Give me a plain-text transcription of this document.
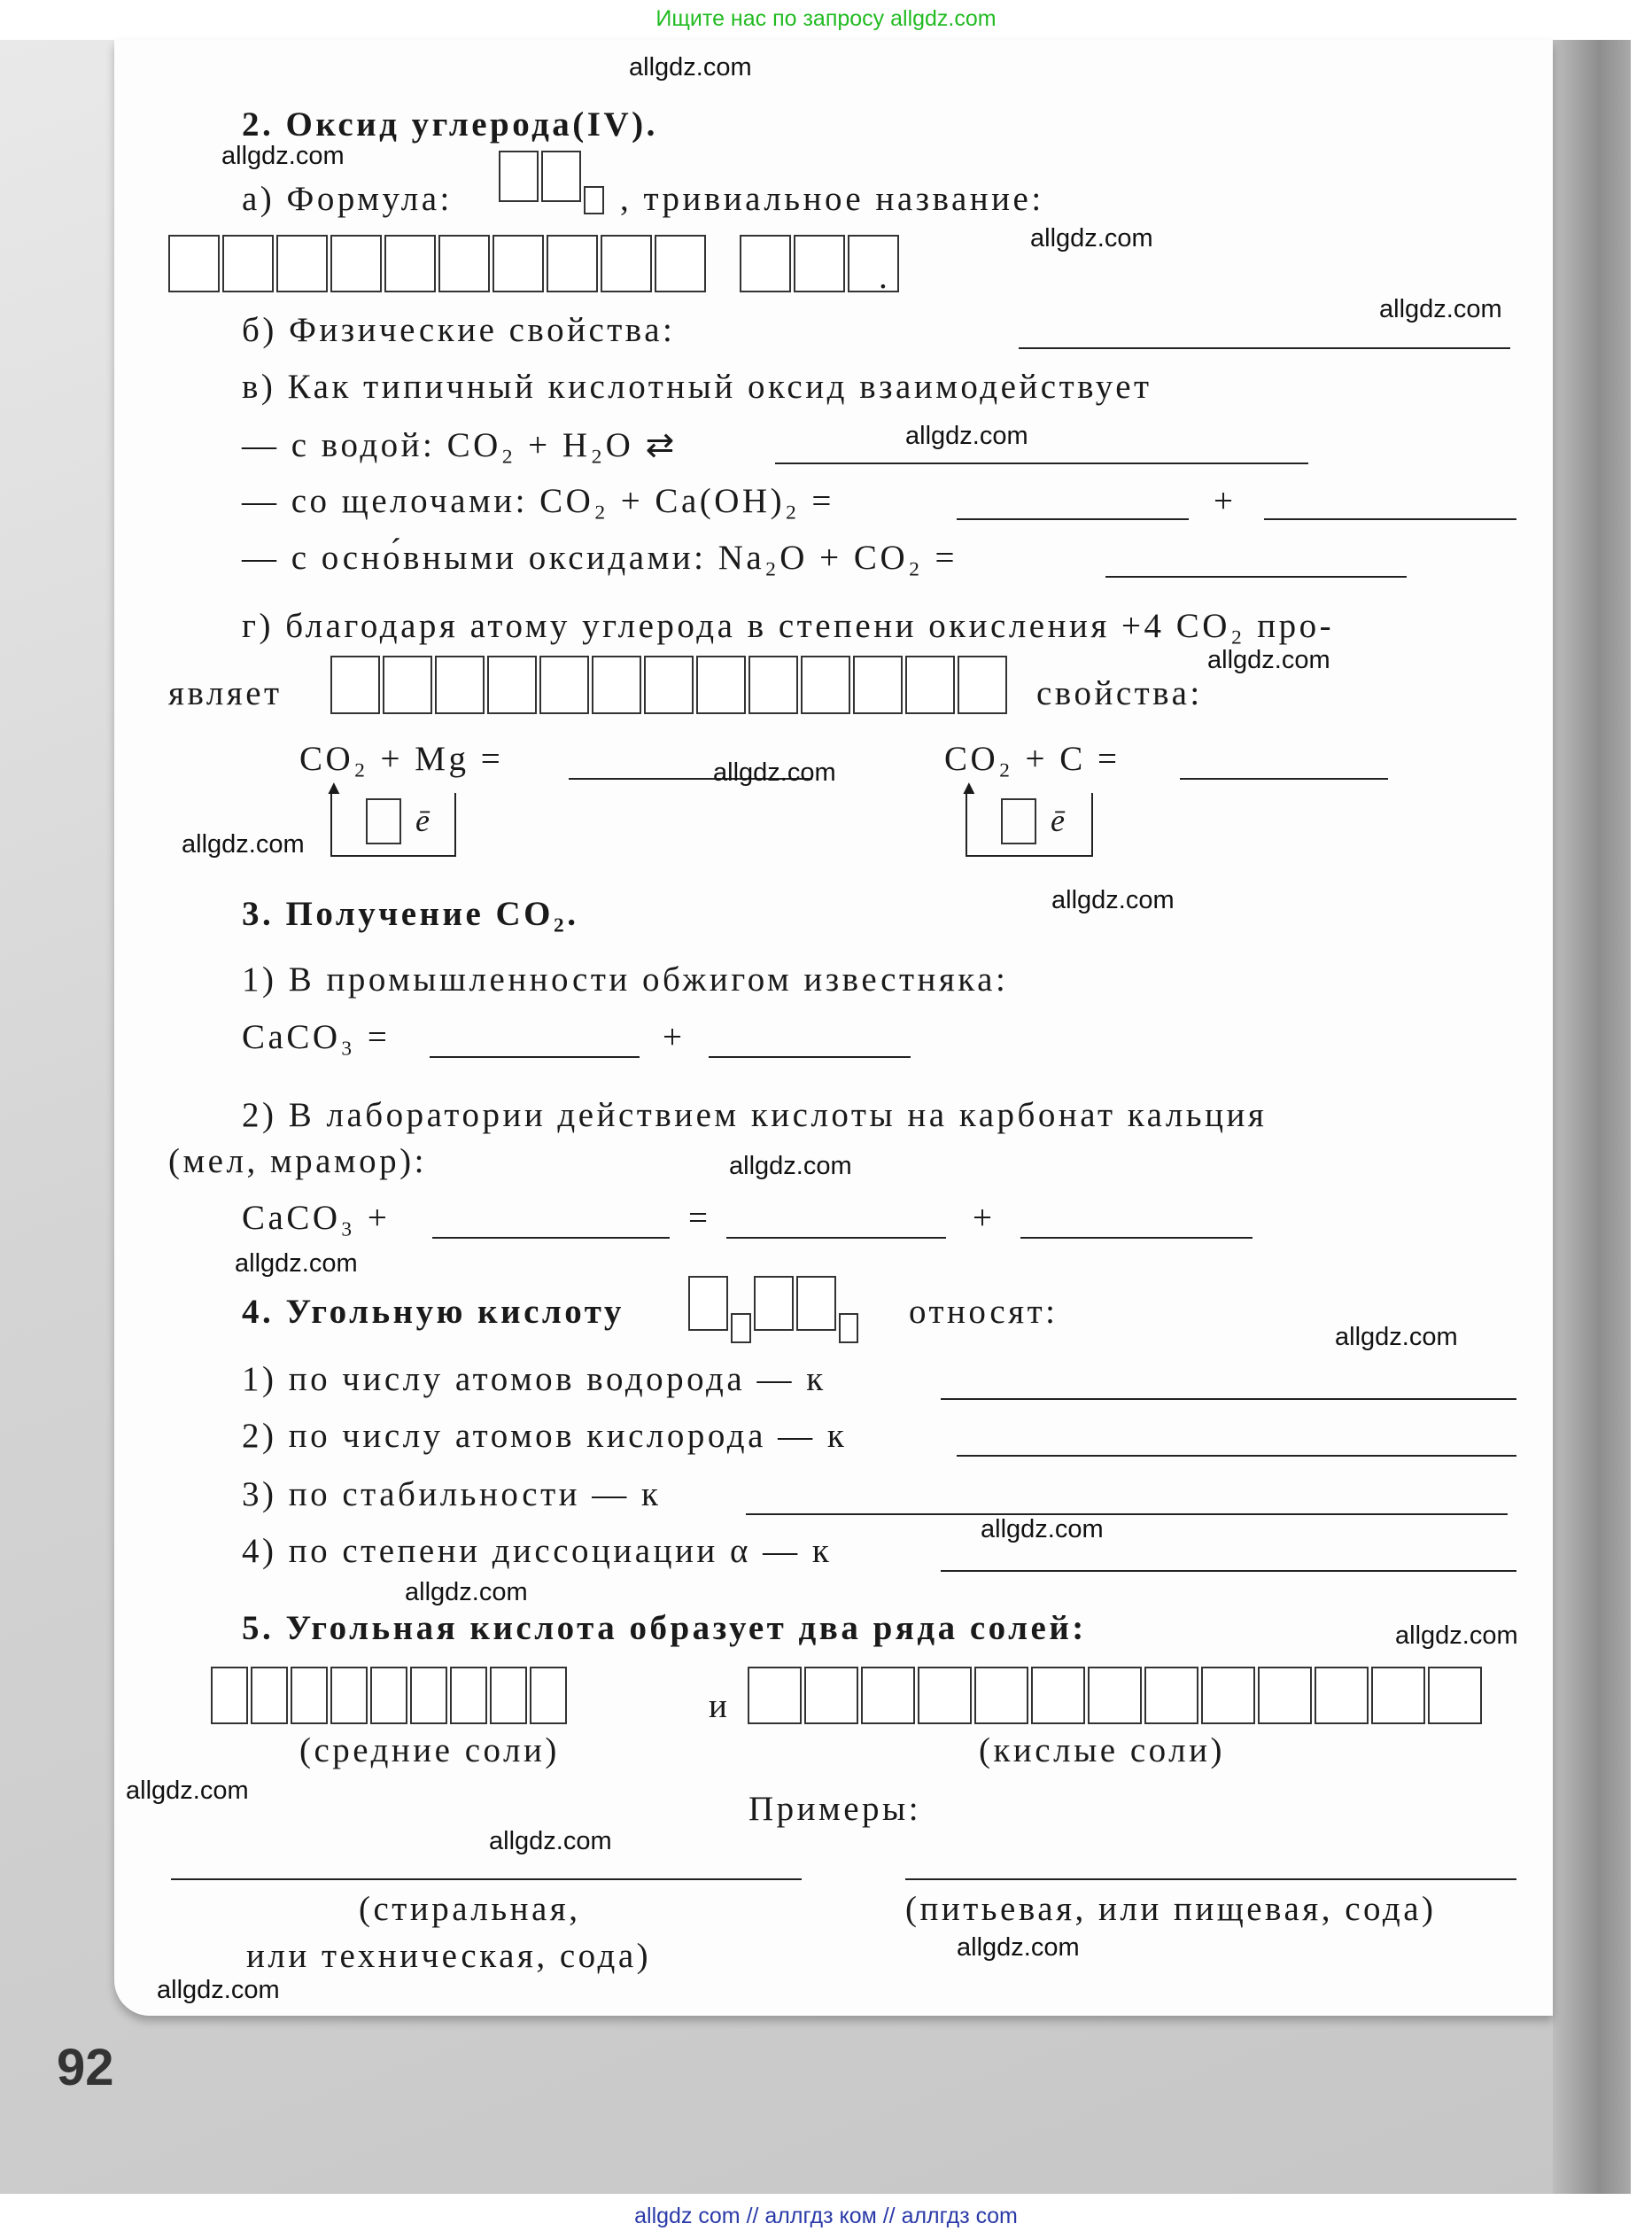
Ищите нас по запросу allgdz.com
92
allgdz com // аллгдз ком // аллгдз com
2. Оксид углерода(IV).
а) Формула:	, тривиальное название:
.
б) Физические свойства:
в) Как типичный кислотный оксид взаимодействует
— с водой: CO₂ + H₂O ⇄
— со щелочами: CO₂ + Ca(OH)₂ =	+
— с осно́вными оксидами: Na₂O + CO₂ =
г) благодаря атому углерода в степени окисления +4 CO₂ про-
являет	свойства:
CO₂ + Mg =
▲
ē
CO₂ + C =
▲
ē
3. Получение CO₂.
1) В промышленности обжигом известняка:
CaCO₃ =	+
2) В лаборатории действием кислоты на карбонат кальция
(мел, мрамор):
CaCO₃ +	=	+
4. Угольную кислоту	относят:
1) по числу атомов водорода — к
2) по числу атомов кислорода — к
3) по стабильности — к
4) по степени диссоциации α — к
5. Угольная кислота образует два ряда солей:
и
(средние соли)	(кислые соли)
Примеры:
(стиральная,
или техническая, сода)
(питьевая, или пищевая, сода)
allgdz.com
allgdz.com
allgdz.com
allgdz.com
allgdz.com
allgdz.com
allgdz.com
allgdz.com
allgdz.com
allgdz.com
allgdz.com
allgdz.com
allgdz.com
allgdz.com
allgdz.com
allgdz.com
allgdz.com
allgdz.com
allgdz.com
